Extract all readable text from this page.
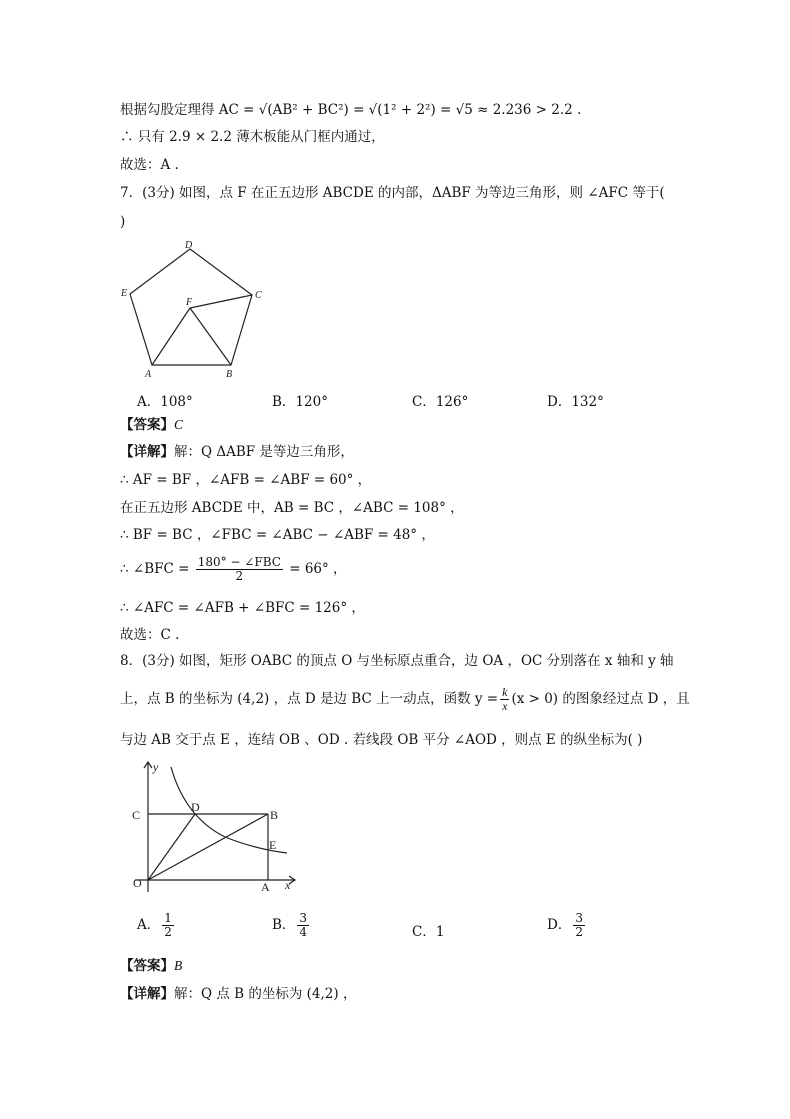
根据勾股定理得 AC = √(AB² + BC²) = √(1² + 2²) = √5 ≈ 2.236 > 2.2 .
∴ 只有 2.9 × 2.2 薄木板能从门框内通过，
故选：A .
7．(3分) 如图，点 F 在正五边形 ABCDE 的内部，ΔABF 为等边三角形，则 ∠AFC 等于(
)
D
E	C
F
A	B
A．108°	B．120°	C．126°	D．132°
【答案】C
【详解】解：Q ΔABF 是等边三角形，
∴ AF = BF ，∠AFB = ∠ABF = 60° ，
在正五边形 ABCDE 中，AB = BC ，∠ABC = 108° ，
∴ BF = BC ，∠FBC = ∠ABC − ∠ABF = 48° ，
∴ ∠BFC = $\frac{\text{180° − ∠FBC}}{2} = 66^\circ$ ，
∴ ∠AFC = ∠AFB + ∠BFC = 126° ，
故选：C .
8．(3分) 如图，矩形 OABC 的顶点 O 与坐标原点重合，边 OA ，OC 分别落在 x 轴和 y 轴
上，点 B 的坐标为 (4,2) ，点 D 是边 BC 上一动点，函数 $y = \frac{k}{x} (x > 0)$ 的图象经过点 D ，且
与边 AB 交于点 E ，连结 OB 、OD . 若线段 OB 平分 ∠AOD ，则点 E 的纵坐标为( )
y
x
C
D
B
E
O	A
A． $\frac{1}{2}$	B． $\frac{3}{4}$	C．1	D． $\frac{3}{2}$
【答案】B
【详解】解：Q 点 B 的坐标为 (4,2) ，
